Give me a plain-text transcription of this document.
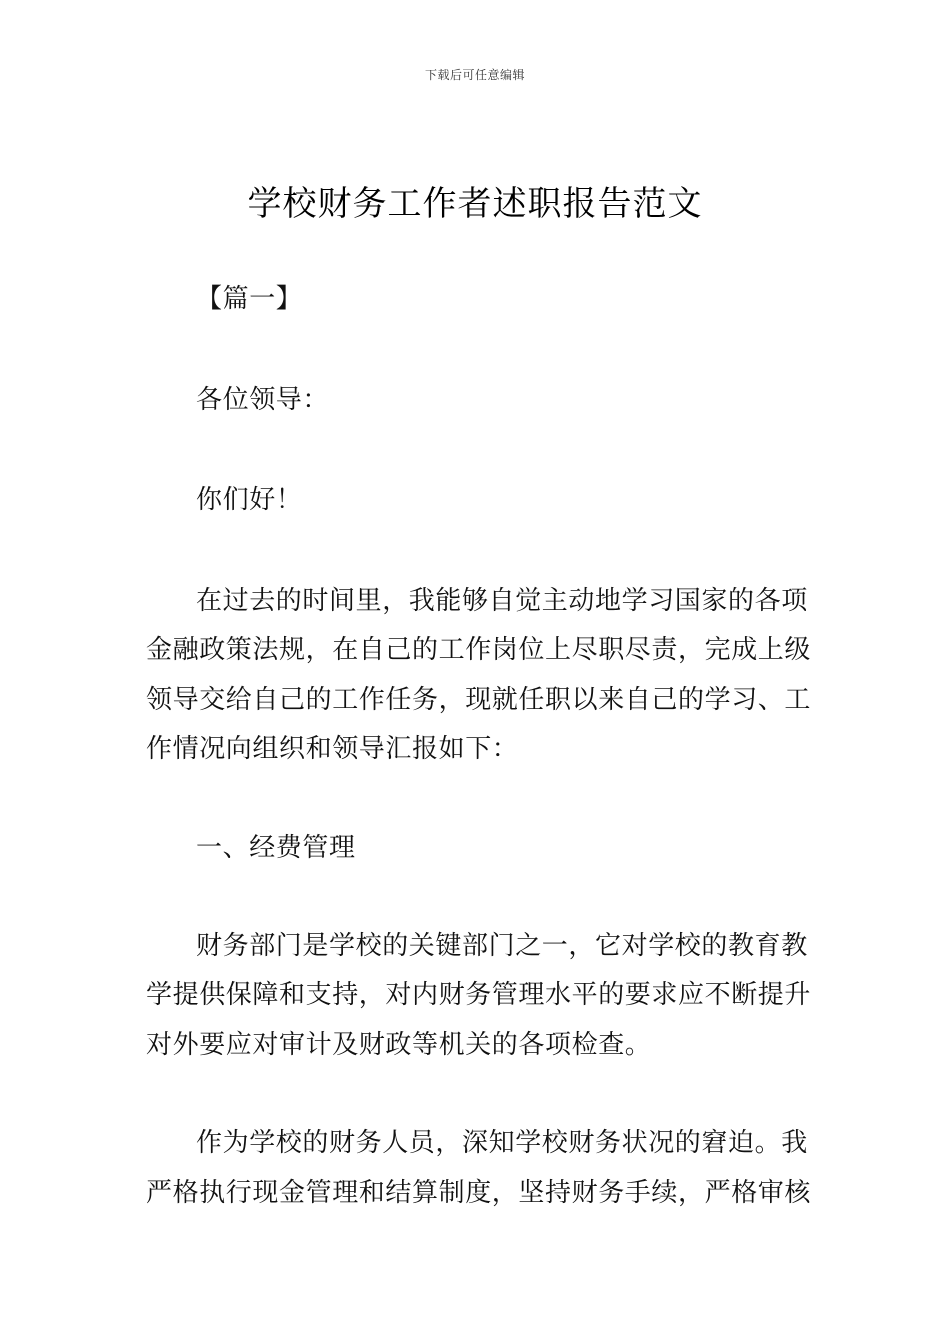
下载后可任意编辑
学校财务工作者述职报告范文
【篇一】
各位领导：
你们好！
在过去的时间里，我能够自觉主动地学习国家的各项
金融政策法规，在自己的工作岗位上尽职尽责，完成上级
领导交给自己的工作任务，现就任职以来自己的学习、工
作情况向组织和领导汇报如下：
一、经费管理
财务部门是学校的关键部门之一，它对学校的教育教
学提供保障和支持，对内财务管理水平的要求应不断提升
对外要应对审计及财政等机关的各项检查。
作为学校的财务人员，深知学校财务状况的窘迫。我
严格执行现金管理和结算制度，坚持财务手续，严格审核
